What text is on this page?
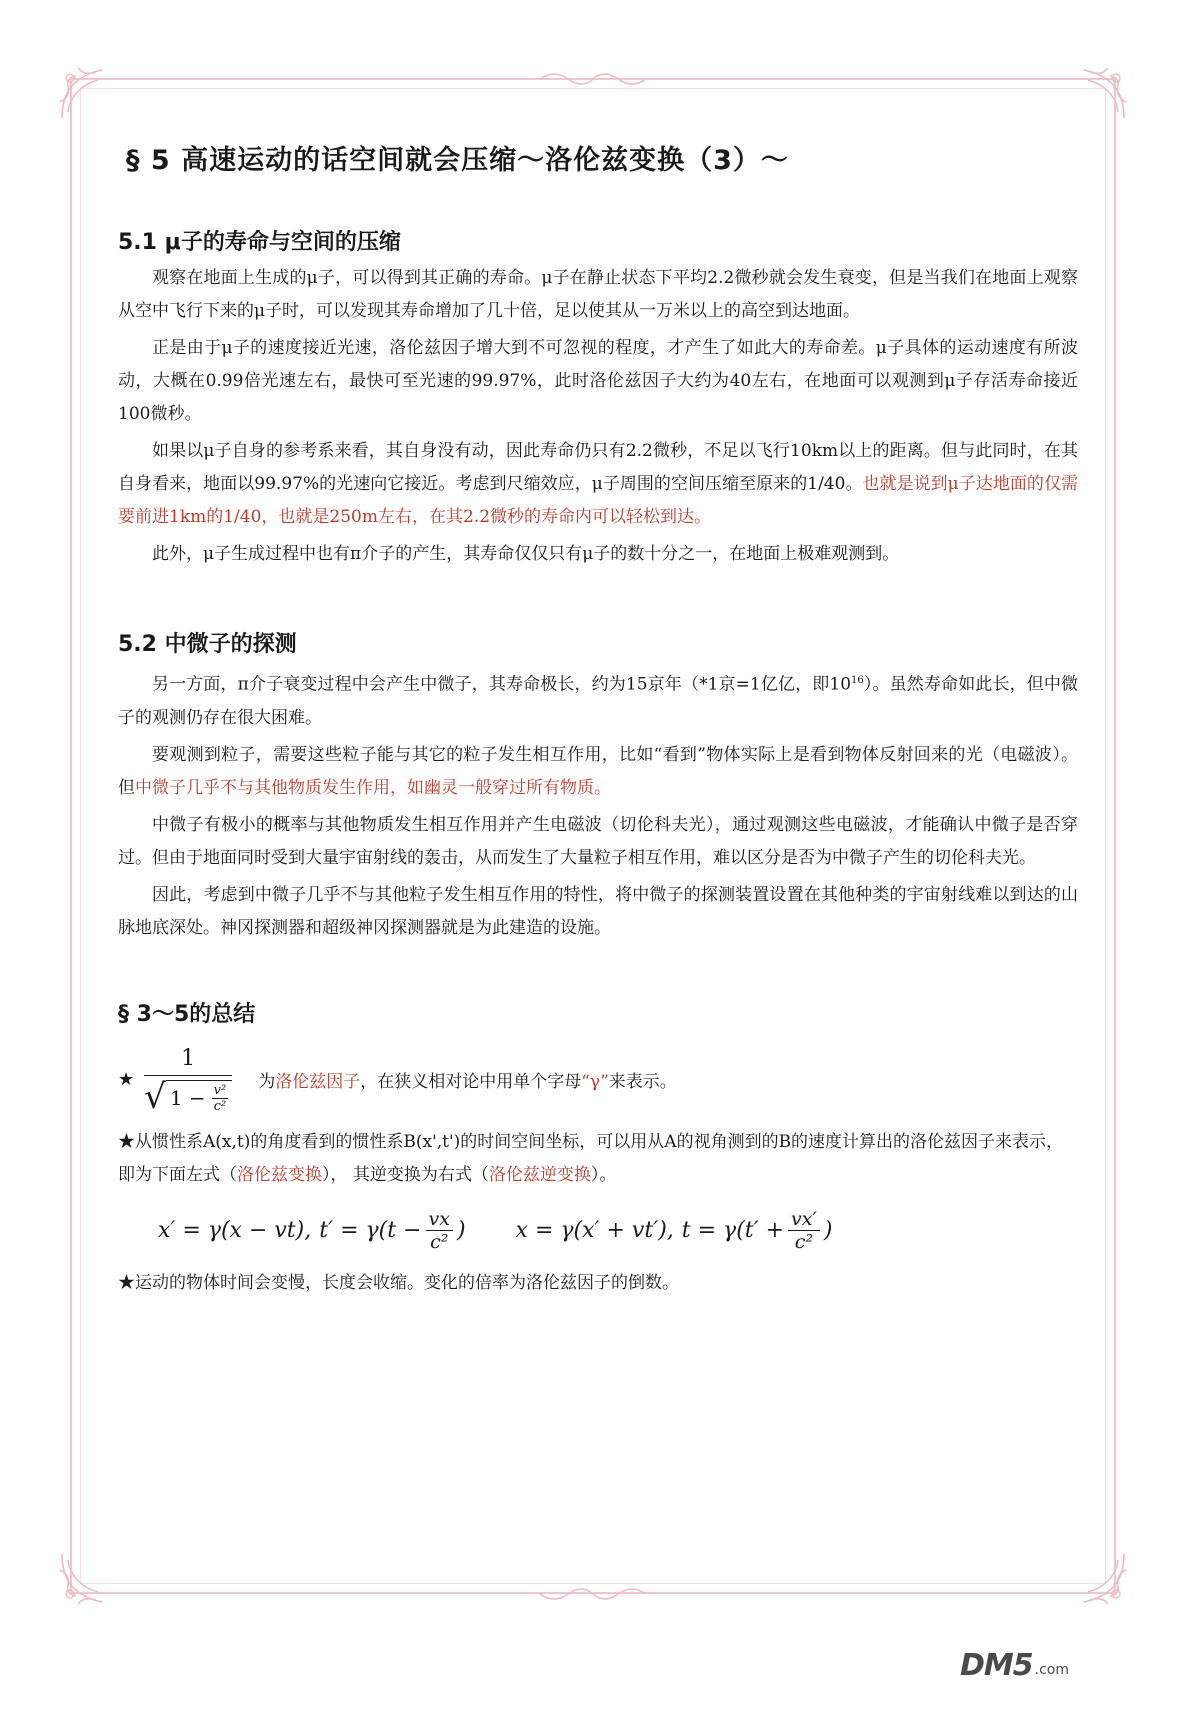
§ 5 高速运动的话空间就会压缩～洛伦兹变换（3）～
5.1 μ子的寿命与空间的压缩

观察在地面上生成的μ子，可以得到其正确的寿命。μ子在静止状态下平均2.2微秒就会发生衰变，但是当我们在地面上观察从空中飞行下来的μ子时，可以发现其寿命增加了几十倍，足以使其从一万米以上的高空到达地面。

正是由于μ子的速度接近光速，洛伦兹因子增大到不可忽视的程度，才产生了如此大的寿命差。μ子具体的运动速度有所波动，大概在0.99倍光速左右，最快可至光速的99.97%，此时洛伦兹因子大约为40左右，在地面可以观测到μ子存活寿命接近100微秒。

如果以μ子自身的参考系来看，其自身没有动，因此寿命仍只有2.2微秒，不足以飞行10km以上的距离。但与此同时，在其自身看来，地面以99.97%的光速向它接近。考虑到尺缩效应，μ子周围的空间压缩至原来的1/40。也就是说到μ子达地面的仅需要前进1km的1/40，也就是250m左右，在其2.2微秒的寿命内可以轻松到达。

此外，μ子生成过程中也有π介子的产生，其寿命仅仅只有μ子的数十分之一，在地面上极难观测到。

5.2 中微子的探测

另一方面，π介子衰变过程中会产生中微子，其寿命极长，约为15京年（*1京=1亿亿，即$10^{16}$）。虽然寿命如此长，但中微子的观测仍存在很大困难。

要观测到粒子，需要这些粒子能与其它的粒子发生相互作用，比如“看到”物体实际上是看到物体反射回来的光（电磁波）。但中微子几乎不与其他物质发生作用，如幽灵一般穿过所有物质。

中微子有极小的概率与其他物质发生相互作用并产生电磁波（切伦科夫光），通过观测这些电磁波，才能确认中微子是否穿过。但由于地面同时受到大量宇宙射线的轰击，从而发生了大量粒子相互作用，难以区分是否为中微子产生的切伦科夫光。

因此，考虑到中微子几乎不与其他粒子发生相互作用的特性，将中微子的探测装置设置在其他种类的宇宙射线难以到达的山脉地底深处。神冈探测器和超级神冈探测器就是为此建造的设施。

§ 3～5的总结
★
1
√ $1 - \frac{\text{v²}}{\text{c²}}$
为洛伦兹因子，在狭义相对论中用单个字母“γ”来表示。

★从惯性系A(x,t)的角度看到的惯性系B(x',t')的时间空间坐标，可以用从A的视角测到的B的速度计算出的洛伦兹因子来表示，即为下面左式（洛伦兹变换）， 其逆变换为右式（洛伦兹逆变换）。

x′ = γ(x − vt), $t' = \gamma(t - \frac{vx}{\text{c²}}$ ) x = γ(x′ + vt′), $t = \gamma(t' + \frac{vx'}{\text{c²}}$ )

★运动的物体时间会变慢，长度会收缩。变化的倍率为洛伦兹因子的倒数。

DM5 .com
